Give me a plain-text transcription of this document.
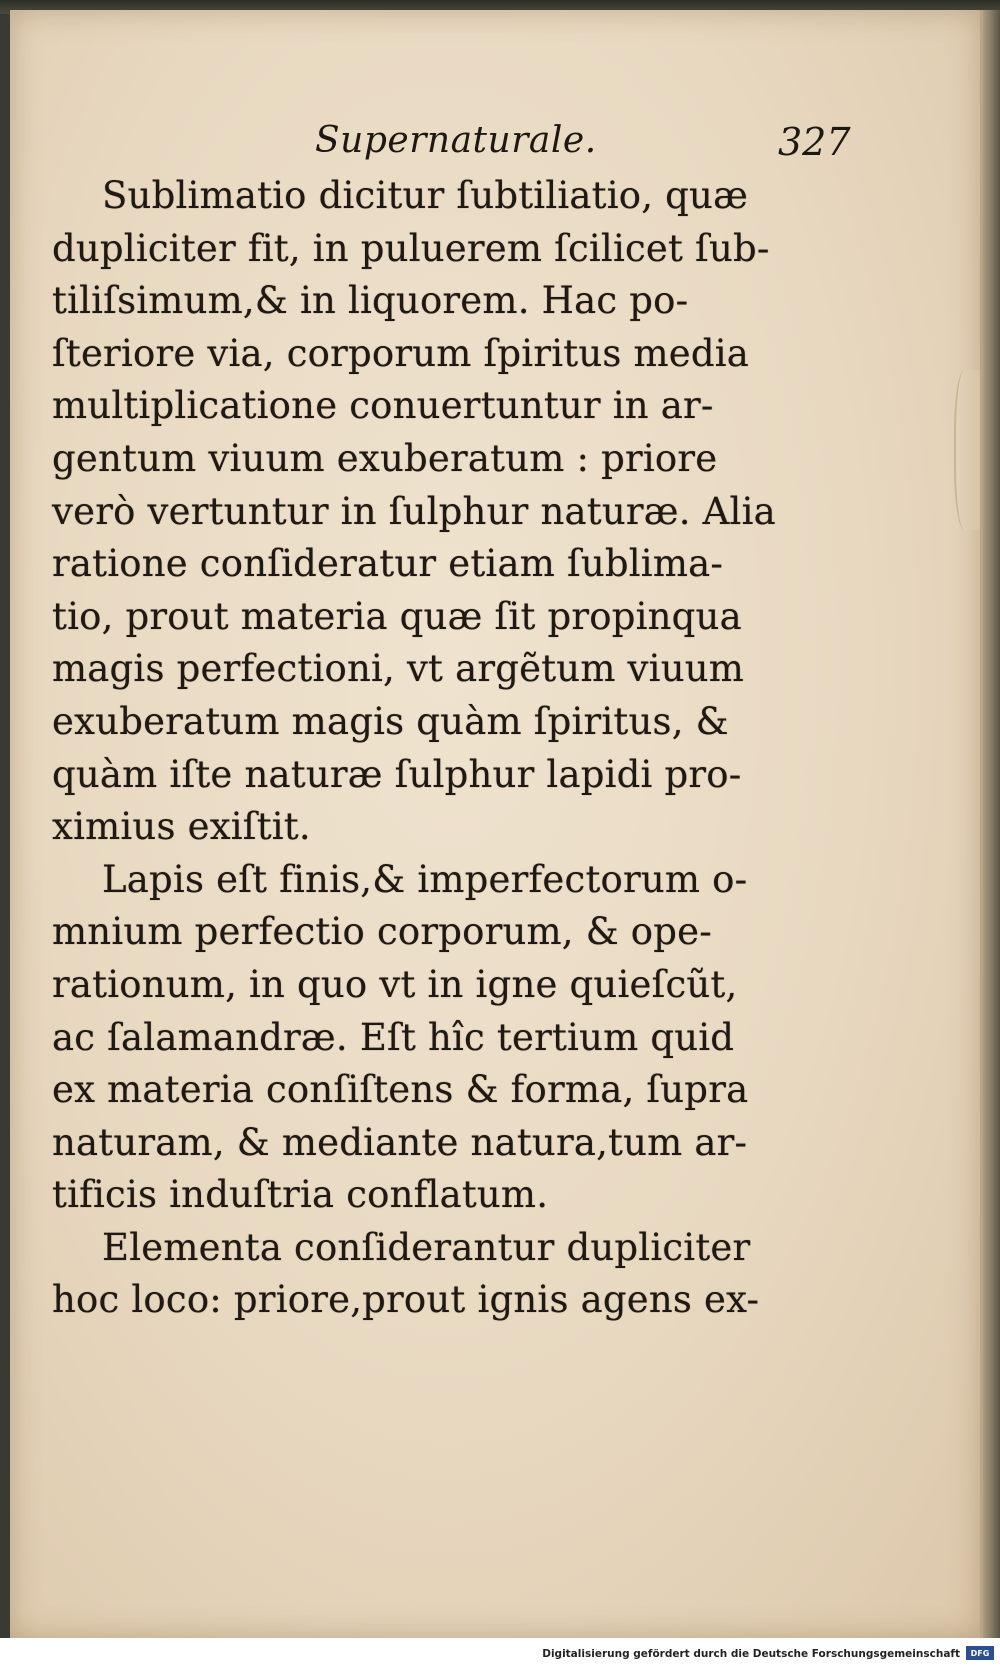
Supernaturale.	327
Sublimatio dicitur ſubtiliatio, quæ
dupliciter fit, in puluerem ſcilicet ſub-
tiliſsimum,& in liquorem. Hac po-
ſteriore via, corporum ſpiritus media
multiplicatione conuertuntur in ar-
gentum viuum exuberatum : priore
verò vertuntur in ſulphur naturæ. Alia
ratione conſideratur etiam ſublima-
tio, prout materia quæ ſit propinqua
magis perfectioni, vt argẽtum viuum
exuberatum magis quàm ſpiritus, &
quàm iſte naturæ ſulphur lapidi pro-
ximius exiſtit.
Lapis eſt finis,& imperfectorum o-
mnium perfectio corporum, & ope-
rationum, in quo vt in igne quieſcũt,
ac ſalamandræ. Eſt hîc tertium quid
ex materia conſiſtens & forma, ſupra
naturam, & mediante natura,tum ar-
tificis induſtria conflatum.
Elementa conſiderantur dupliciter
hoc loco: priore,prout ignis agens ex-
Digitalisierung gefördert durch die Deutsche Forschungsgemeinschaft	DFG
